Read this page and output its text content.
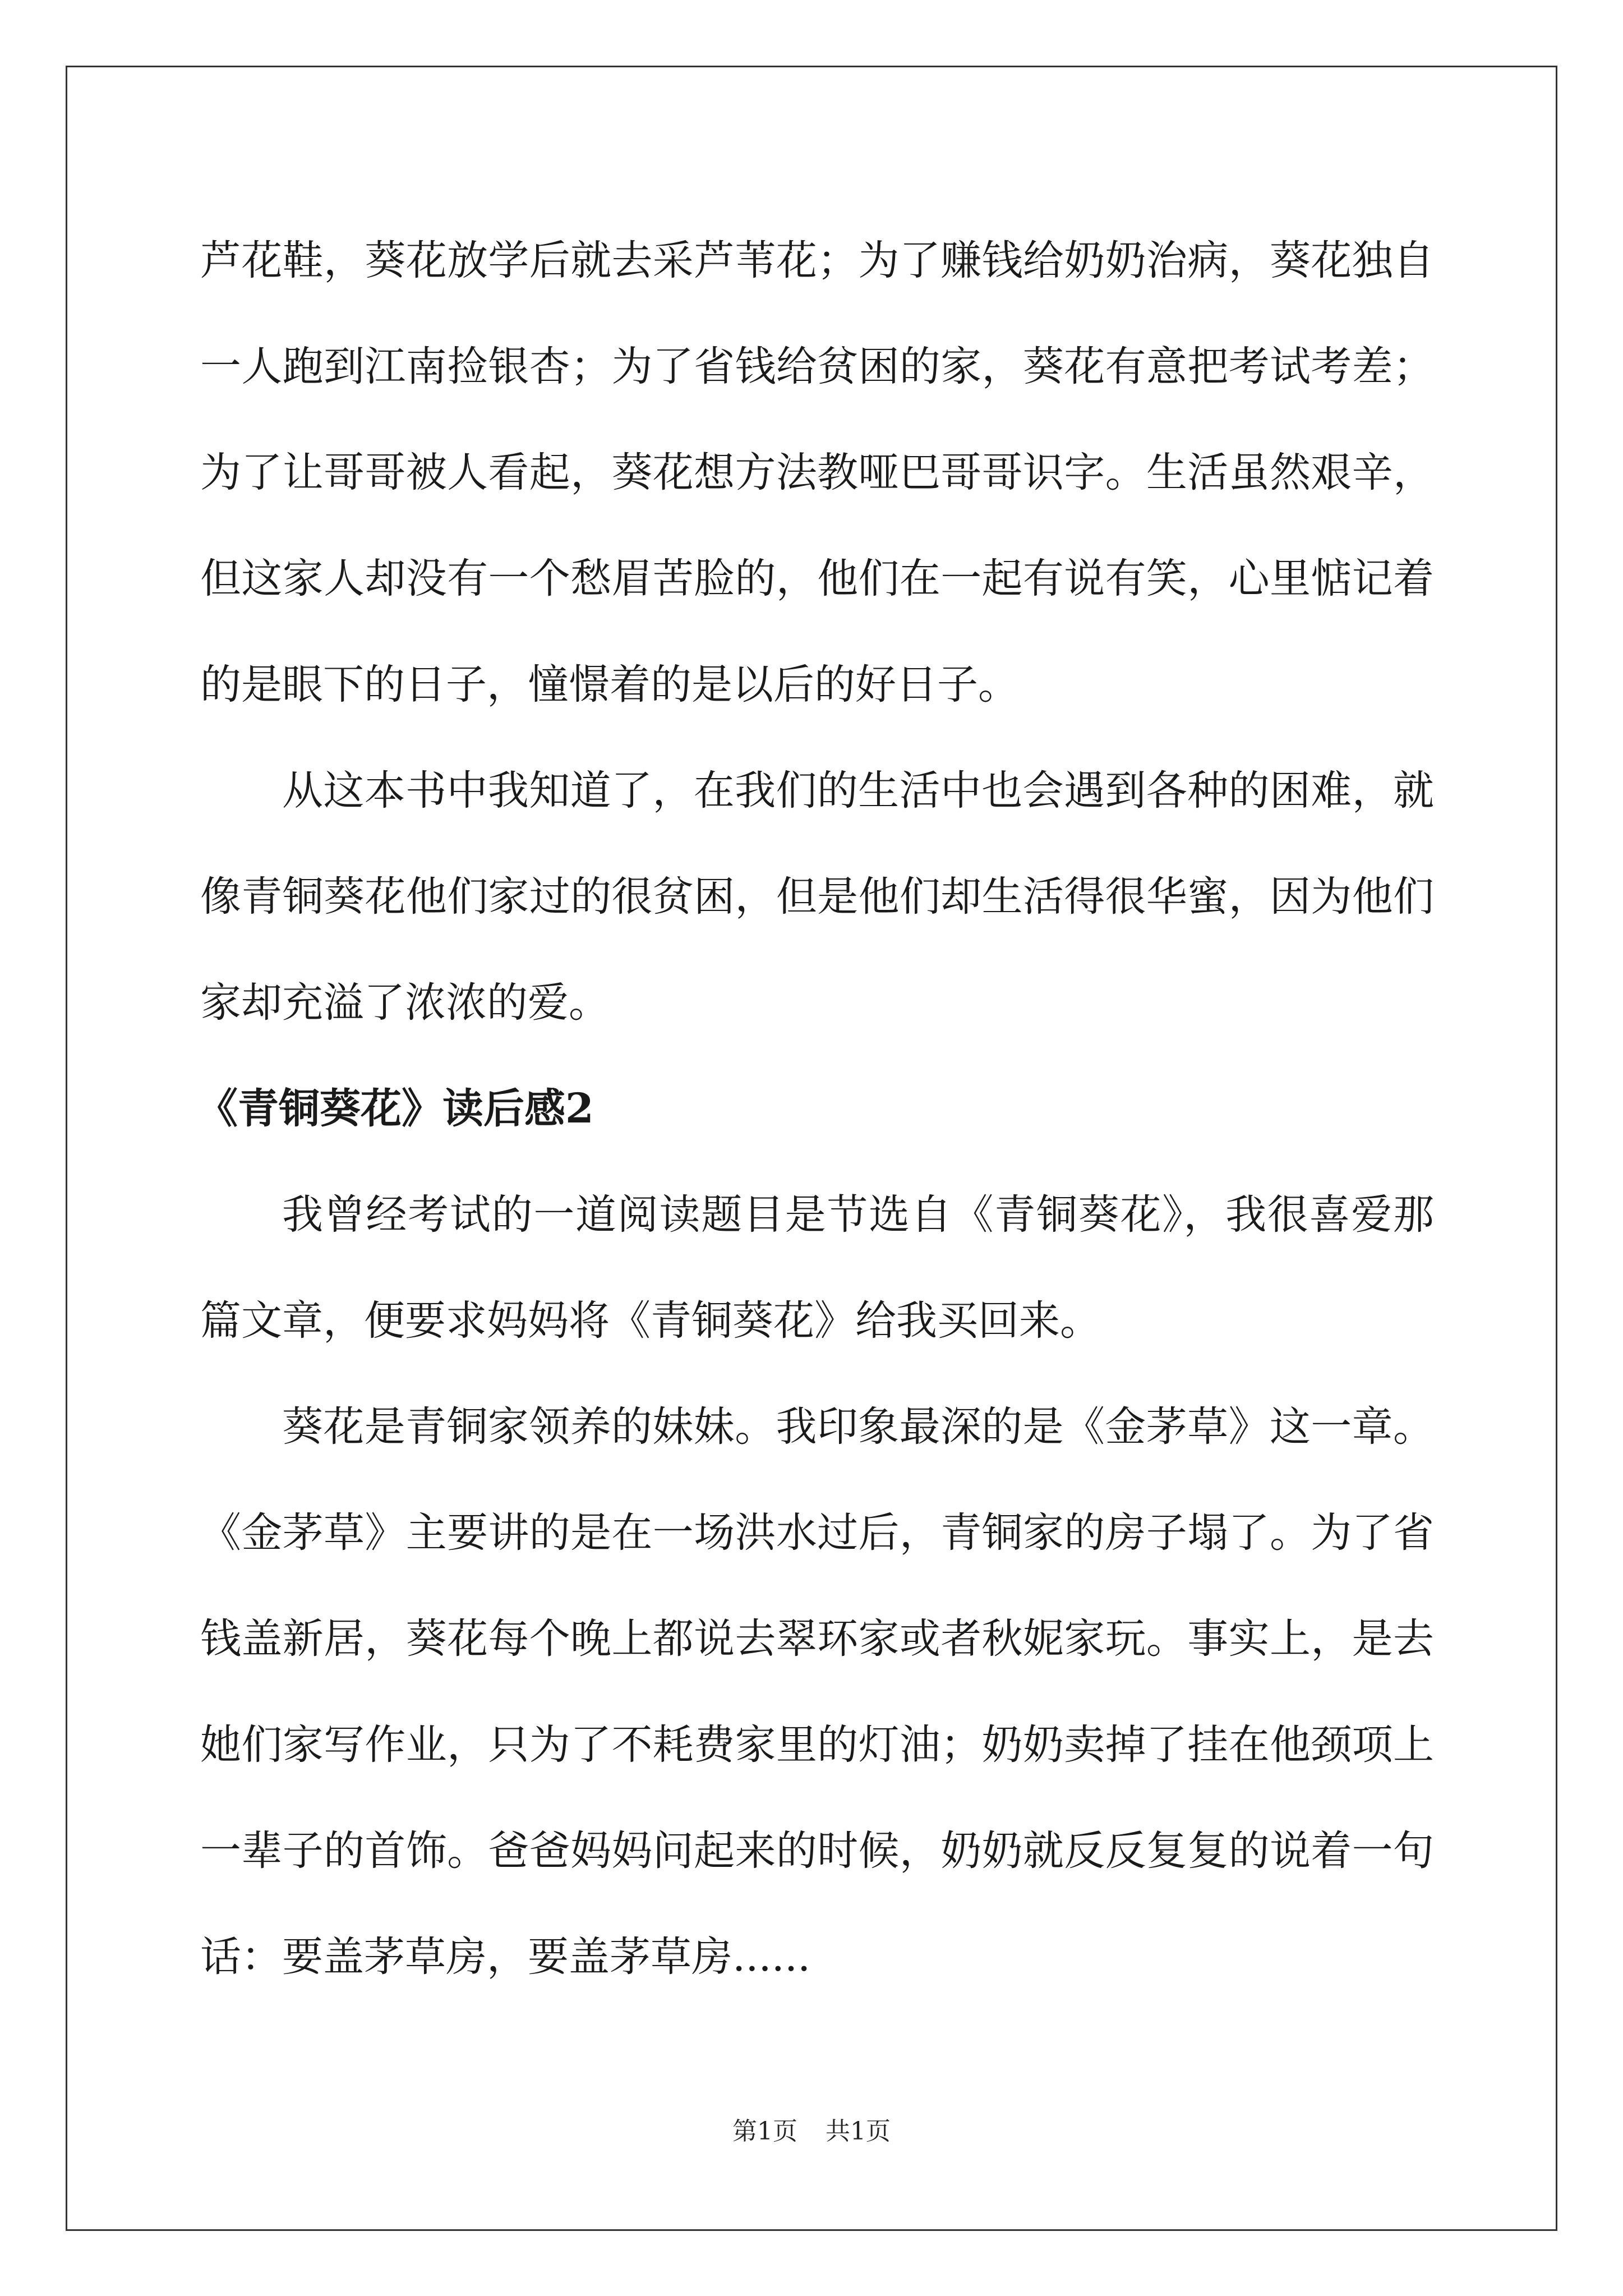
芦花鞋，葵花放学后就去采芦苇花；为了赚钱给奶奶治病，葵花独自一人跑到江南捡银杏；为了省钱给贫困的家，葵花有意把考试考差；为了让哥哥被人看起，葵花想方法教哑巴哥哥识字。生活虽然艰辛，但这家人却没有一个愁眉苦脸的，他们在一起有说有笑，心里惦记着的是眼下的日子，憧憬着的是以后的好日子。

从这本书中我知道了，在我们的生活中也会遇到各种的困难，就像青铜葵花他们家过的很贫困，但是他们却生活得很华蜜，因为他们家却充溢了浓浓的爱。

《青铜葵花》读后感2

我曾经考试的一道阅读题目是节选自《青铜葵花》，我很喜爱那篇文章，便要求妈妈将《青铜葵花》给我买回来。

葵花是青铜家领养的妹妹。我印象最深的是《金茅草》这一章。《金茅草》主要讲的是在一场洪水过后，青铜家的房子塌了。为了省钱盖新居，葵花每个晚上都说去翠环家或者秋妮家玩。事实上，是去她们家写作业，只为了不耗费家里的灯油；奶奶卖掉了挂在他颈项上一辈子的首饰。爸爸妈妈问起来的时候，奶奶就反反复复的说着一句话：要盖茅草房，要盖茅草房......

第1页 共1页
